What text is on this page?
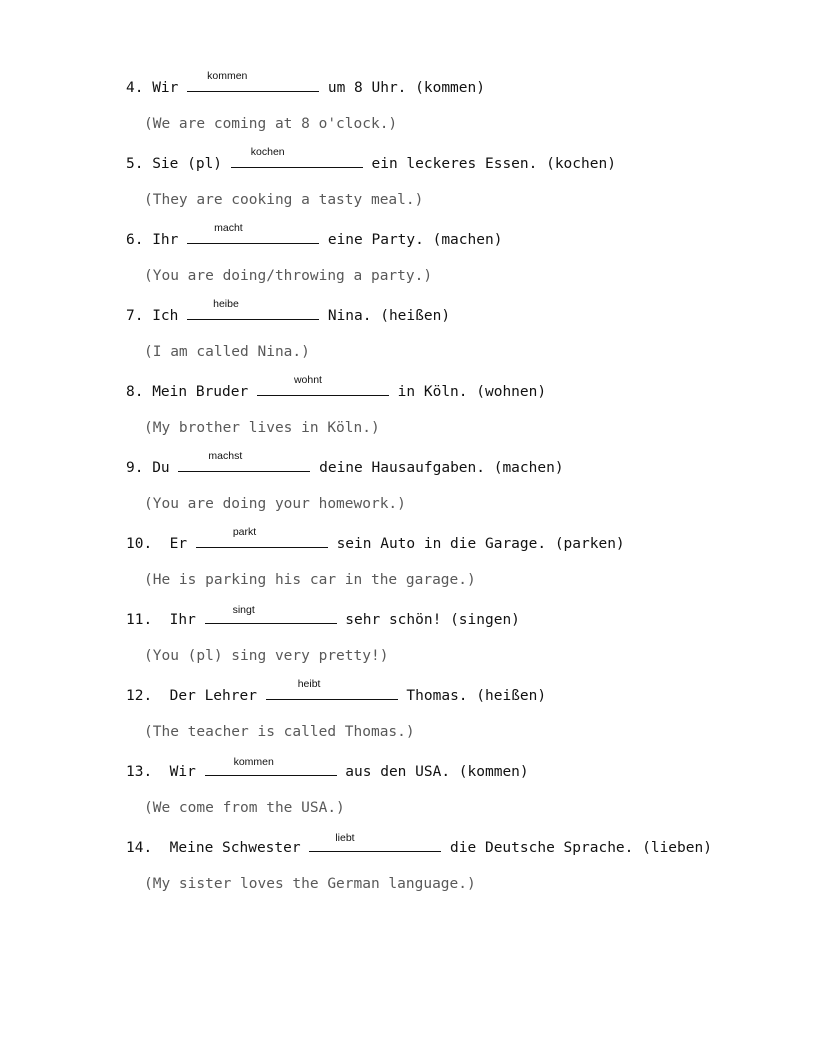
4. Wir
kommen
um 8 Uhr. (kommen)
(We are coming at 8 o'clock.)
5. Sie (pl)
kochen
ein leckeres Essen. (kochen)
(They are cooking a tasty meal.)
6. Ihr
macht
eine Party. (machen)
(You are doing/throwing a party.)
7. Ich
heibe
Nina. (heißen)
(I am called Nina.)
8. Mein Bruder
wohnt
in Köln. (wohnen)
(My brother lives in Köln.)
9. Du
machst
deine Hausaufgaben. (machen)
(You are doing your homework.)
10.  Er
parkt
sein Auto in die Garage. (parken)
(He is parking his car in the garage.)
11.  Ihr
singt
sehr schön! (singen)
(You (pl) sing very pretty!)
12.  Der Lehrer
heibt
Thomas. (heißen)
(The teacher is called Thomas.)
13.  Wir
kommen
aus den USA. (kommen)
(We come from the USA.)
14.  Meine Schwester
liebt
die Deutsche Sprache. (lieben)
(My sister loves the German language.)
